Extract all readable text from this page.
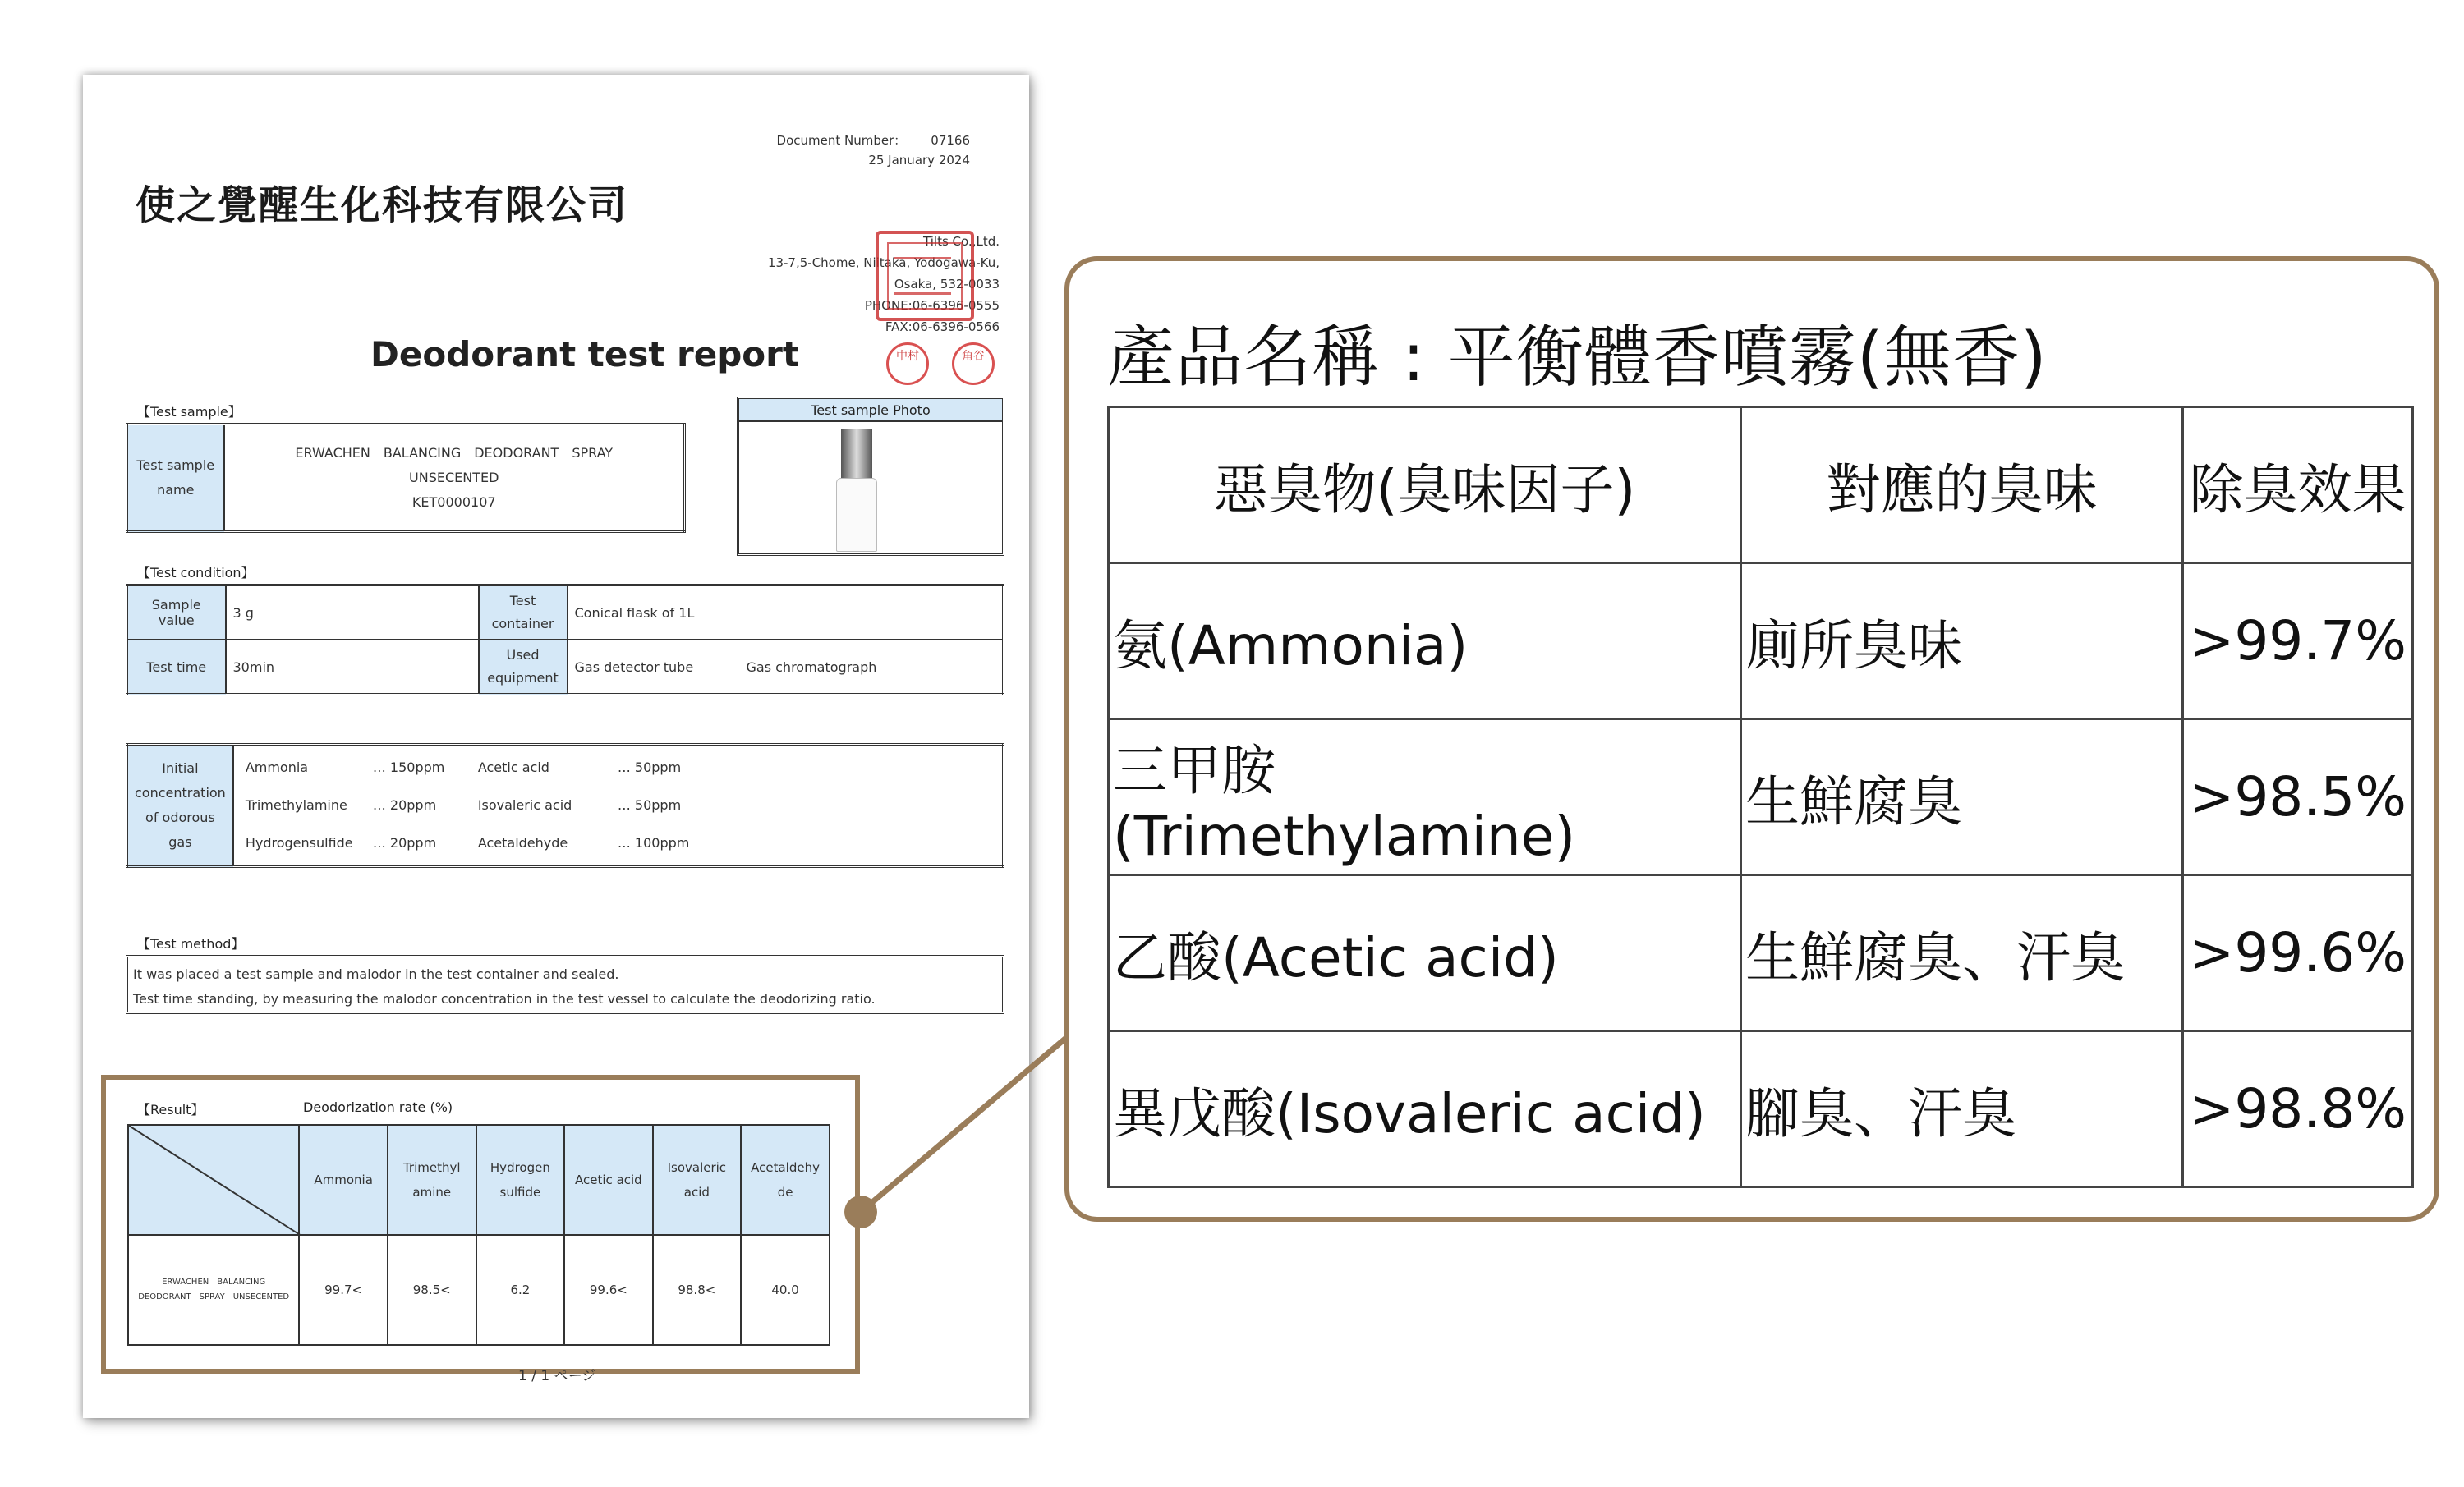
Document Number： 07166
25 January 2024
使之覺醒生化科技有限公司
Tilts Co.,Ltd.
13-7,5-Chome, Niitaka, Yodogawa-Ku,
Osaka, 532-0033
PHONE:06-6396-0555
FAX:06-6396-0566
中村	角谷
Deodorant test report
【Test sample】
Test sample name	
ERWACHEN　BALANCING　DEODORANT　SPRAY
UNSECENTED
KET0000107
Test sample Photo
【Test condition】
Sample value	3 g	Test container	Conical flask of 1L	
Test time	30min	Used equipment	Gas detector tube	Gas chromatograph
Initial concentration of odorous gas	
Ammonia	… 150ppm	Acetic acid	… 50ppm
Trimethylamine	… 20ppm	Isovaleric acid	… 50ppm
Hydrogensulfide	… 20ppm	Acetaldehyde	… 100ppm
【Test method】
It was placed a test sample and malodor in the test container and sealed.
Test time standing, by measuring the malodor concentration in the test vessel to calculate the deodorizing ratio.
【Result】	Deodorization rate (%)
	Ammonia	Trimethyl amine	Hydrogen sulfide	Acetic acid	Isovaleric acid	Acetaldehy de

ERWACHEN　BALANCING
DEODORANT　SPRAY　UNSECENTED	99.7<	98.5<	6.2	99.6<	98.8<	40.0
1 / 1 ページ
產品名稱 : 平衡體香噴霧(無香)
惡臭物(臭味因子)	對應的臭味	除臭效果
氨(Ammonia)	廁所臭味	>99.7%
三甲胺(Trimethylamine)	生鮮腐臭	>98.5%
乙酸(Acetic acid)	生鮮腐臭、汗臭	>99.6%
異戊酸(Isovaleric acid)	腳臭、汗臭	>98.8%
